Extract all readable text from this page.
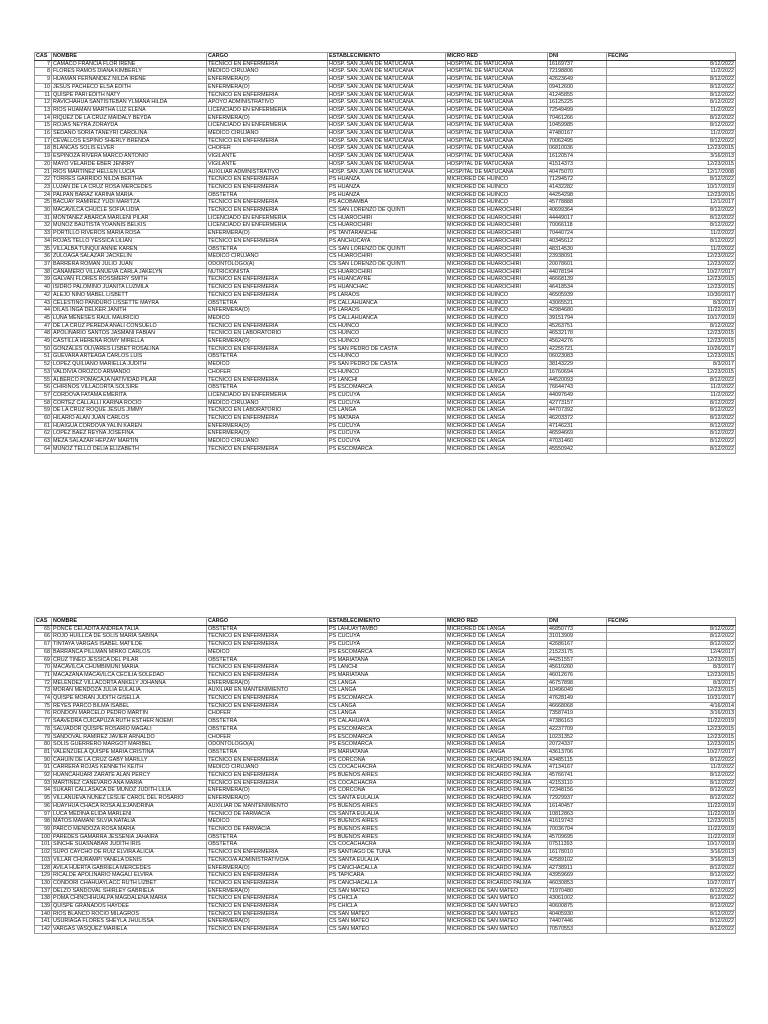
CAS	NOMBRE	CARGO	ESTABLECIMIENTO	MICRO RED	DNI	FECING
7	CAMACO FRANCIA FLOR IRENE	TECNICO EN ENFERMERIA	HOSP. SAN JUAN DE MATUCANA	HOSPITAL DE MATUCANA	16169737	8/12/2022
8	FLORES RAMOS DIANA KIMBERLY	MEDICO CIRUJANO	HOSP. SAN JUAN DE MATUCANA	HOSPITAL DE MATUCANA	72198806	11/2/2022
9	HUAMAN FERNANDEZ NILDA IRENE	ENFERMERA(O)	HOSP. SAN JUAN DE MATUCANA	HOSPITAL DE MATUCANA	42623649	8/12/2022
10	JESUS PACHECO ELSA EDITH	ENFERMERA(O)	HOSP. SAN JUAN DE MATUCANA	HOSPITAL DE MATUCANA	09412600	8/12/2022
11	QUISPE PARI EDITH NATY	TECNICO EN ENFERMERIA	HOSP. SAN JUAN DE MATUCANA	HOSPITAL DE MATUCANA	41245855	8/12/2022
12	RAVICHAHUA SANTISTEBAN YLMANA HILDA	APOYO ADMINISTRATIVO	HOSP. SAN JUAN DE MATUCANA	HOSPITAL DE MATUCANA	16125225	8/12/2022
13	RIOS HUAMAN MARTHA LUZ ELENA	LICENCIADO EN ENFERMERIA	HOSP. SAN JUAN DE MATUCANA	HOSPITAL DE MATUCANA	72549499	11/2/2022
14	RIQUEZ DE LA CRUZ MAIDALY BEYDA	ENFERMERA(O)	HOSP. SAN JUAN DE MATUCANA	HOSPITAL DE MATUCANA	70461266	8/12/2022
15	ROJAS NEYRA ZORAYDA	LICENCIADO EN ENFERMERIA	HOSP. SAN JUAN DE MATUCANA	HOSPITAL DE MATUCANA	10459985	8/12/2022
16	SEDANO SORIA TANEYRI CAROLINA	MEDICO CIRUJANO	HOSP. SAN JUAN DE MATUCANA	HOSPITAL DE MATUCANA	47480167	11/2/2022
17	CEVALLOS ESPINO SHERLY BRENDA	TECNICO EN ENFERMERIA	HOSP. SAN JUAN DE MATUCANA	HOSPITAL DE MATUCANA	70062495	8/12/2022
18	BLANCAS SOLIS ELVER	CHOFER	HOSP. SAN JUAN DE MATUCANA	HOSPITAL DE MATUCANA	06810036	12/23/2015
19	ESPINOZA RIVERA MARCO ANTONIO	VIGILANTE	HOSP. SAN JUAN DE MATUCANA	HOSPITAL DE MATUCANA	16120574	3/16/2013
20	MAYO VELARDE EBER JENRRY	VIGILANTE	HOSP. SAN JUAN DE MATUCANA	HOSPITAL DE MATUCANA	41514373	12/23/2015
21	RIOS MARTINEZ HELLEN LUCIA	AUXILIAR ADMINISTRATIVO	HOSP. SAN JUAN DE MATUCANA	HOSPITAL DE MATUCANA	40475070	12/17/2008
22	TORRES GARRIDO NILDA BERTHA	TECNICO EN ENFERMERIA	PS HUANZA	MICRORED DE HUINCO	71294572	8/12/2022
23	LUJAN DE LA CRUZ ROSA MERCEDES	TECNICO EN ENFERMERIA	PS HUANZA	MICRORED DE HUINCO	41432282	10/17/2019
24	PALPAN BARAZ KARINA MARIA	OBSTETRA	PS HUANZA	MICRORED DE HUINCO	44254298	12/23/2015
25	BACUAY RAMIREZ YUDI MARITZA	TECNICO EN ENFERMERIA	PS ACOBAMBA	MICRORED DE HUINCO	45778888	12/1/2017
30	MACAVILCA CHUCLE SOFIA LIDIA	TECNICO EN ENFERMERIA	CS SAN LORENZO DE QUINTI	MICRORED DE HUAROCHIRI	40699364	8/12/2022
31	MONTAÑEZ ABARCA MARLENI PILAR	LICENCIADO EN ENFERMERIA	CS HUAROCHIRI	MICRORED DE HUAROCHIRI	44449017	8/12/2022
32	MUÑOZ BAUTISTA YOANNIS BELKIS	LICENCIADO EN ENFERMERIA	CS HUAROCHIRI	MICRORED DE HUAROCHIRI	70066118	8/12/2022
33	PORTILLO RIVEROS MARIA ROSA	ENFERMERA(O)	PS TANTARANCHE	MICRORED DE HUAROCHIRI	70440724	11/2/2022
34	ROJAS TELLO YESSICA LILIAN	TECNICO EN ENFERMERIA	PS ANCHUCAYA	MICRORED DE HUAROCHIRI	40345612	8/12/2022
35	VILLALBA TUNQUI ANNIE KAREN	OBSTETRA	CS SAN LORENZO DE QUINTI	MICRORED DE HUAROCHIRI	48314530	11/2/2022
36	ZULOAGA SALAZAR JACKELIN	MEDICO CIRUJANO	CS HUAROCHIRI	MICRORED DE HUAROCHIRI	23938091	12/23/2022
37	BARRERA ROMAN JULIO JUAN	ODONTOLOGO(A)	CS SAN LORENZO DE QUINTI	MICRORED DE HUAROCHIRI	20078601	12/23/2022
38	CAÑAMERO VILLANUEVA CARLA JAKELYN	NUTRICIONISTA	CS HUAROCHIRI	MICRORED DE HUAROCHIRI	44078194	10/27/2017
39	GALVAN FLORES ROSSMERY SMITH	TECNICO EN ENFERMERIA	PS HUANCAYRE	MICRORED DE HUAROCHIRI	46668139	12/23/2015
40	ISIDRO PALOMINO JUANITA LUZMILA	TECNICO EN ENFERMERIA	PS HUANCHAC	MICRORED DE HUAROCHIRI	46418534	12/23/2015
42	ALEJO NINO MABEL LISBETT	TECNICO EN ENFERMERIA	PS LARAOS	MICRORED DE HUINCO	46505939	10/30/2017
43	CELESTINO PANDURO LISSETTE MAYRA	OBSTETRA	PS CALLAHUANCA	MICRORED DE HUINCO	43065521	8/3/2017
44	DILAS INGA DELKER JANITH	ENFERMERA(O)	PS LARAOS	MICRORED DE HUINCO	42984680	11/22/2019
45	LUNA MENESES RAUL MAURICIO	MEDICO	PS CALLAHUANCA	MICRORED DE HUINCO	39151794	10/17/2019
47	DE LA CRUZ PEREDA ANALI CONSUELO	TECNICO EN ENFERMERIA	CS HUINCO	MICRORED DE HUINCO	45263751	8/12/2022
48	APOLINARIO SANTOS JASMANI FABIAN	TECNICO EN LABORATORIO	CS HUINCO	MICRORED DE HUINCO	46532178	12/23/2015
49	CASTILLA HERENA ROMY MIRELLA	ENFERMERA(O)	CS HUINCO	MICRORED DE HUINCO	45624276	12/23/2015
50	GONZALES OLIVARES LISBET ROSALINA	TECNICO EN ENFERMERIA	PS SAN PEDRO DE CASTA	MICRORED DE HUINCO	42255721	10/26/2017
51	GUEVARA ARTEAGA CARLOS LUIS	OBSTETRA	CS HUINCO	MICRORED DE HUINCO	06023083	12/23/2015
52	LOPEZ QUILIANO MARIELLA JUDITH	MEDICO	PS SAN PEDRO DE CASTA	MICRORED DE HUINCO	38143229	8/3/2017
53	VALDIVIA OROZCO ARMANDO	CHOFER	CS HUINCO	MICRORED DE HUINCO	16760694	12/23/2015
55	ALBERCO POMACAJA NATIVIDAD PILAR	TECNICO EN ENFERMERIA	PS LANCHI	MICRORED DE LANGA	44520093	8/12/2022
56	CHIRINOS VILLACORTA SOLSIRE	OBSTETRA	PS ESCOMARCA	MICRORED DE LANGA	76644743	11/2/2022
57	CORDOVA FATAMA EMERITA	LICENCIADO EN ENFERMERIA	PS CUCUYA	MICRORED DE LANGA	44097649	11/2/2022
58	CORTEZ CALLALLI KARINA ROCIO	MEDICO CIRUJANO	PS CUCUYA	MICRORED DE LANGA	42773157	8/12/2022
59	DE LA CRUZ ROQUE JESUS JIMMY	TECNICO EN LABORATORIO	CS LANGA	MICRORED DE LANGA	44707392	8/12/2022
60	HILARIO ALAN JUAN CARLOS	TECNICO EN ENFERMERIA	PS MATARA	MICRORED DE LANGA	46203372	8/12/2022
61	HUAIGUA CORDOVA YALIN KAREN	ENFERMERA(O)	PS CUCUYA	MICRORED DE LANGA	47146231	8/12/2022
62	LOPEZ BAEZ REYNA JOSEFINA	ENFERMERA(O)	PS CUCUYA	MICRORED DE LANGA	46594669	8/12/2022
63	MEZA SALAZAR HEPZAY MARTIN	MEDICO CIRUJANO	PS CUCUYA	MICRORED DE LANGA	47031460	8/12/2022
64	MUÑOZ TELLO DELIA ELIZABETH	TECNICO EN ENFERMERIA	PS ESCOMARCA	MICRORED DE LANGA	45550942	8/12/2022
CAS	NOMBRE	CARGO	ESTABLECIMIENTO	MICRO RED	DNI	FECING
65	PONCE CELADITA ANDREA TALIA	OBSTETRA	PS LAHUAYTAMBO	MICRORED DE LANGA	46850773	8/12/2022
66	ROJO HUILLCA DE SOLIS MARIA SABINA	TECNICO EN ENFERMERIA	PS CUCUYA	MICRORED DE LANGA	31013909	8/12/2022
67	TINTAYA VARGAS ISABEL MATILDE	TECNICO EN ENFERMERIA	PS CUCUYA	MICRORED DE LANGA	42686167	8/12/2022
68	BARRANCA PILLMAN MIRKO CARLOS	MEDICO	PS ESCOMARCA	MICRORED DE LANGA	21523175	12/4/2017
69	CRUZ TINEO JESSICA DEL PILAR	OBSTETRA	PS MARIATANA	MICRORED DE LANGA	44251557	12/23/2015
70	MACAVILCA CHUMBIMUNI MARIA	TECNICO EN ENFERMERIA	PS LANCHI	MICRORED DE LANGA	45610260	8/3/2017
71	MACAZANA MACAVILCA CECILIA SOLEDAD	TECNICO EN ENFERMERIA	PS MARIATANA	MICRORED DE LANGA	46012676	12/23/2015
72	MELENDEZ VILLACORTA ANKELY JOHANNA	ENFERMERA(O)	CS LANGA	MICRORED DE LANGA	46757898	8/3/2017
73	MORAN MENDOZA JULIA EULALIA	AUXILIAR EN MANTENIMIENTO	CS LANGA	MICRORED DE LANGA	10496049	12/23/2015
74	QUISPE MORAN JUDITH GISELLA	TECNICO EN ENFERMERIA	PS ESCOMARCA	MICRORED DE LANGA	47628149	10/31/2017
75	REYES PARCO BILMA ISABEL	TECNICO EN ENFERMERIA	CS LANGA	MICRORED DE LANGA	46668068	4/16/2014
76	RONDON MARCELO PEDRO MARTIN	CHOFER	CS LANGA	MICRORED DE LANGA	73587419	3/16/2013
77	SAAVEDRA CUICAPUZA RUTH ESTHER NOEMI	OBSTETRA	PS CALAHUAYA	MICRORED DE LANGA	47386163	11/22/2019
78	SALVADOR QUISPE ROSARIO MAGALI	OBSTETRA	PS ESCOMARCA	MICRORED DE LANGA	42237709	12/23/2015
79	SANDOVAL RAMIREZ JAVIER ARNALDO	CHOFER	PS ESCOMARCA	MICRORED DE LANGA	10231352	12/23/2015
80	SOLIS GUERRERO MARGOT MARIBEL	ODONTOLOGO(A)	PS ESCOMARCA	MICRORED DE LANGA	20724337	12/23/2015
81	VALENZUELA QUISPE MARIA CRISTINA	OBSTETRA	PS MARIATANA	MICRORED DE LANGA	43613706	10/27/2017
90	CAHUIN DE LA CRUZ GABY MARILLY	TECNICO EN ENFERMERIA	PS CORCONA	MICRORED DE RICARDO PALMA	43485115	8/12/2022
91	CARRERA ROJAS KENNETH KEITH	MEDICO CIRUJANO	CS COCACHACRA	MICRORED DE RICARDO PALMA	47134167	11/2/2022
92	HUANCAHUARI ZARATE ALAN PERCY	TECNICO EN ENFERMERIA	PS BUENOS AIRES	MICRORED DE RICARDO PALMA	45766741	8/12/2022
93	MARTINEZ CANEVARO ANA MARIA	TECNICO EN ENFERMERIA	CS COCACHACRA	MICRORED DE RICARDO PALMA	42153110	8/12/2022
94	SUKARI CALLASACA DE MUÑOZ JUDITH LILIA	ENFERMERA(O)	PS CORCONA	MICRORED DE RICARDO PALMA	72348156	8/12/2022
95	VILLANUEVA NUÑEZ LESLIE CAROL DEL ROSARIO	ENFERMERA(O)	CS SANTA EULALIA	MICRORED DE RICARDO PALMA	72929937	8/12/2022
96	HUAYHUA CHACA ROSA ALEJANDRINA	AUXILIAR DE MANTENIMIENTO	PS BUENOS AIRES	MICRORED DE RICARDO PALMA	16140457	11/22/2019
97	LUCA MEDINA ELIDA MARLENI	TECNICO DE FARMACIA	CS SANTA EULALIA	MICRORED DE RICARDO PALMA	10812863	11/22/2019
98	MATOS MAMANI SILVIA NATALIA	MEDICO	PS BUENOS AIRES	MICRORED DE RICARDO PALMA	41619743	12/23/2015
99	PARCO MENDOZA ROSA MARIA	TECNICO DE FARMACIA	PS BUENOS AIRES	MICRORED DE RICARDO PALMA	70036704	11/22/2019
100	PAREDES GAMARRA JESSENIA JAHAIRA	OBSTETRA	PS BUENOS AIRES	MICRORED DE RICARDO PALMA	45709695	11/22/2019
101	SINCHE SUASNABAR JUDITH IRIS	OBSTETRA	CS COCACHACRA	MICRORED DE RICARDO PALMA	07511393	10/17/2019
102	SUPO CAYCHO DE RUIZ ELVIRA ALICIA	TECNICO EN ENFERMERIA	PS SANTIAGO DE TUNA	MICRORED DE RICARDO PALMA	16178010	3/16/2013
103	VILLAR CHURAMPI YANELA DENIS	TECNICO/A ADMINISTRATIVO/A	CS SANTA EULALIA	MICRORED DE RICARDO PALMA	42589102	3/16/2013
128	AVILA HUERTA GABRIELA MERCEDES	ENFERMERA(O)	PS CANCHACALLA	MICRORED DE RICARDO PALMA	42738911	8/12/2022
129	RICALDE APOLINARIO MAGALI ELVIRA	TECNICO EN ENFERMERIA	PS TAPICARA	MICRORED DE RICARDO PALMA	43959669	8/12/2022
130	CONDORI CHAHUAYLACC RUTH LIZBET	TECNICO EN ENFERMERIA	PS CANCHACALLA	MICRORED DE RICARDO PALMA	46030853	10/27/2017
137	DELZO SANDOVAL SHIRLEY GABRIELA	ENFERMERA(O)	CS SAN MATEO	MICRORED DE SAN MATEO	71970480	8/12/2022
138	POMA CHINCHIHUALPA MAGDALENA MARIA	TECNICO EN ENFERMERIA	PS CHICLA	MICRORED DE SAN MATEO	43061002	8/12/2022
139	QUISPE GRANADOS HAYDEE	TECNICO EN ENFERMERIA	PS CHICLA	MICRORED DE SAN MATEO	40600875	8/12/2022
140	RIOS BLANCO ROCIO MILAGROS	TECNICO EN ENFERMERIA	CS SAN MATEO	MICRORED DE SAN MATEO	40405930	8/12/2022
141	USURIAGA FLORES SHEYLA JHULISSA	ENFERMERA(O)	CS SAN MATEO	MICRORED DE SAN MATEO	74407446	8/12/2022
142	VARGAS VASQUEZ MARIELA	TECNICO EN ENFERMERIA	CS SAN MATEO	MICRORED DE SAN MATEO	70570553	8/12/2022
